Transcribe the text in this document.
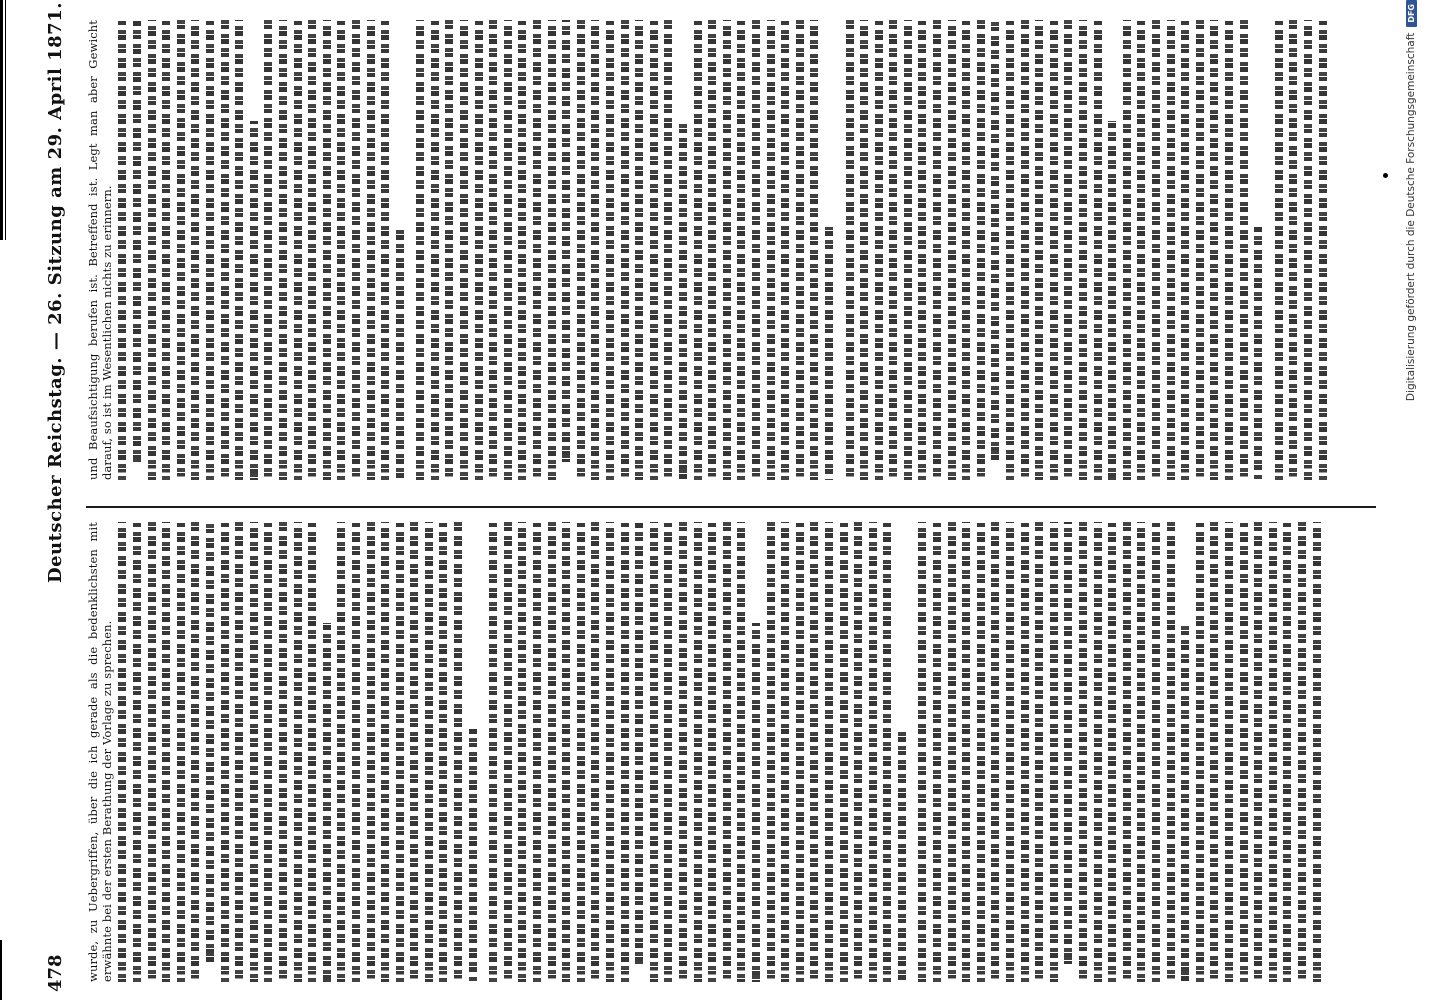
478
Deutscher Reichstag. — 26. Sitzung am 29. April 1871.

wurde, zu Uebergriffen, über die ich gerade als die bedenklichsten mit erwähnte bei der ersten Berathung der Vorlage zu sprechen.

und Beaufsichtigung berufen ist. Betreffend ist. Legt man aber Gewicht darauf, so ist im Wesentlichen nichts zu erinnern.	Digitalisierung gefördert durch die Deutsche Forschungsgemeinschaft
DFG
